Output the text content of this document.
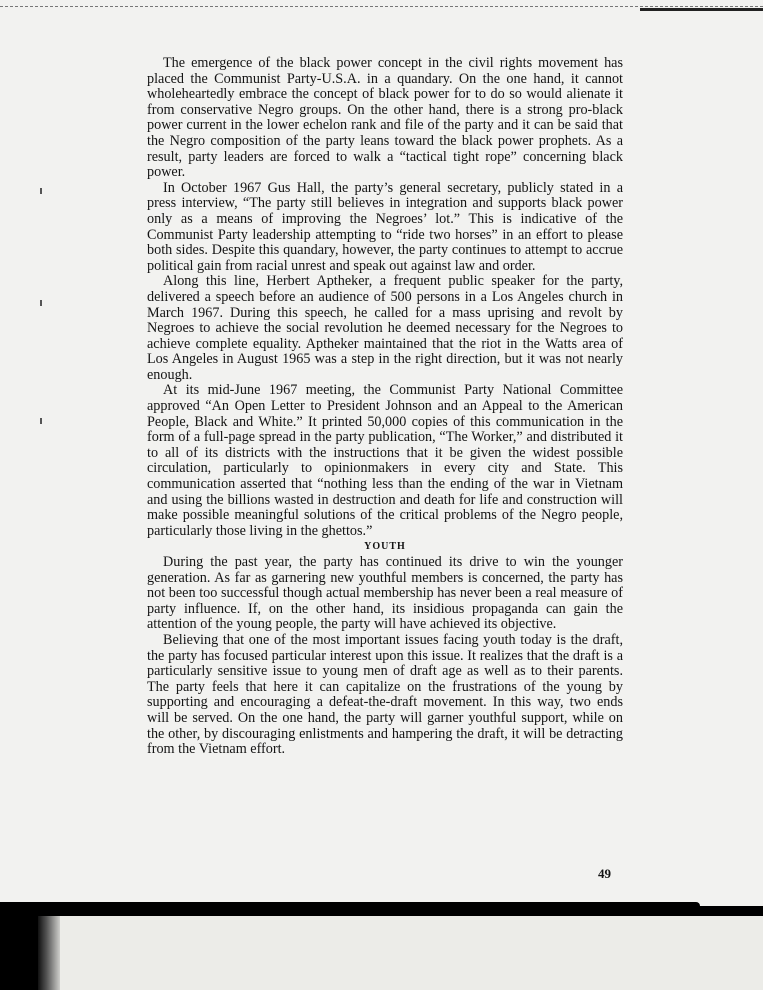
The emergence of the black power concept in the civil rights movement has placed the Communist Party-U.S.A. in a quandary. On the one hand, it cannot wholeheartedly embrace the concept of black power for to do so would alienate it from conservative Negro groups. On the other hand, there is a strong pro-black power current in the lower echelon rank and file of the party and it can be said that the Negro composition of the party leans toward the black power prophets. As a result, party leaders are forced to walk a “tactical tight rope” concerning black power.

In October 1967 Gus Hall, the party’s general secretary, publicly stated in a press interview, “The party still believes in integration and supports black power only as a means of improving the Negroes’ lot.” This is indicative of the Communist Party leadership attempting to “ride two horses” in an effort to please both sides. Despite this quandary, however, the party continues to attempt to accrue political gain from racial unrest and speak out against law and order.

Along this line, Herbert Aptheker, a frequent public speaker for the party, delivered a speech before an audience of 500 persons in a Los Angeles church in March 1967. During this speech, he called for a mass uprising and revolt by Negroes to achieve the social revolution he deemed necessary for the Negroes to achieve complete equality. Aptheker maintained that the riot in the Watts area of Los Angeles in August 1965 was a step in the right direction, but it was not nearly enough.

At its mid-June 1967 meeting, the Communist Party National Committee approved “An Open Letter to President Johnson and an Appeal to the American People, Black and White.” It printed 50,000 copies of this communication in the form of a full-page spread in the party publication, “The Worker,” and distributed it to all of its districts with the instructions that it be given the widest possible circulation, particularly to opinionmakers in every city and State. This communication asserted that “nothing less than the ending of the war in Vietnam and using the billions wasted in destruction and death for life and construction will make possible meaningful solutions of the critical problems of the Negro people, particularly those living in the ghettos.”

YOUTH

During the past year, the party has continued its drive to win the younger generation. As far as garnering new youthful members is concerned, the party has not been too successful though actual membership has never been a real measure of party influence. If, on the other hand, its insidious propaganda can gain the attention of the young people, the party will have achieved its objective.

Believing that one of the most important issues facing youth today is the draft, the party has focused particular interest upon this issue. It realizes that the draft is a particularly sensitive issue to young men of draft age as well as to their parents. The party feels that here it can capitalize on the frustrations of the young by supporting and encouraging a defeat-the-draft movement. In this way, two ends will be served. On the one hand, the party will garner youthful support, while on the other, by discouraging enlistments and hampering the draft, it will be detracting from the Vietnam effort.

49
